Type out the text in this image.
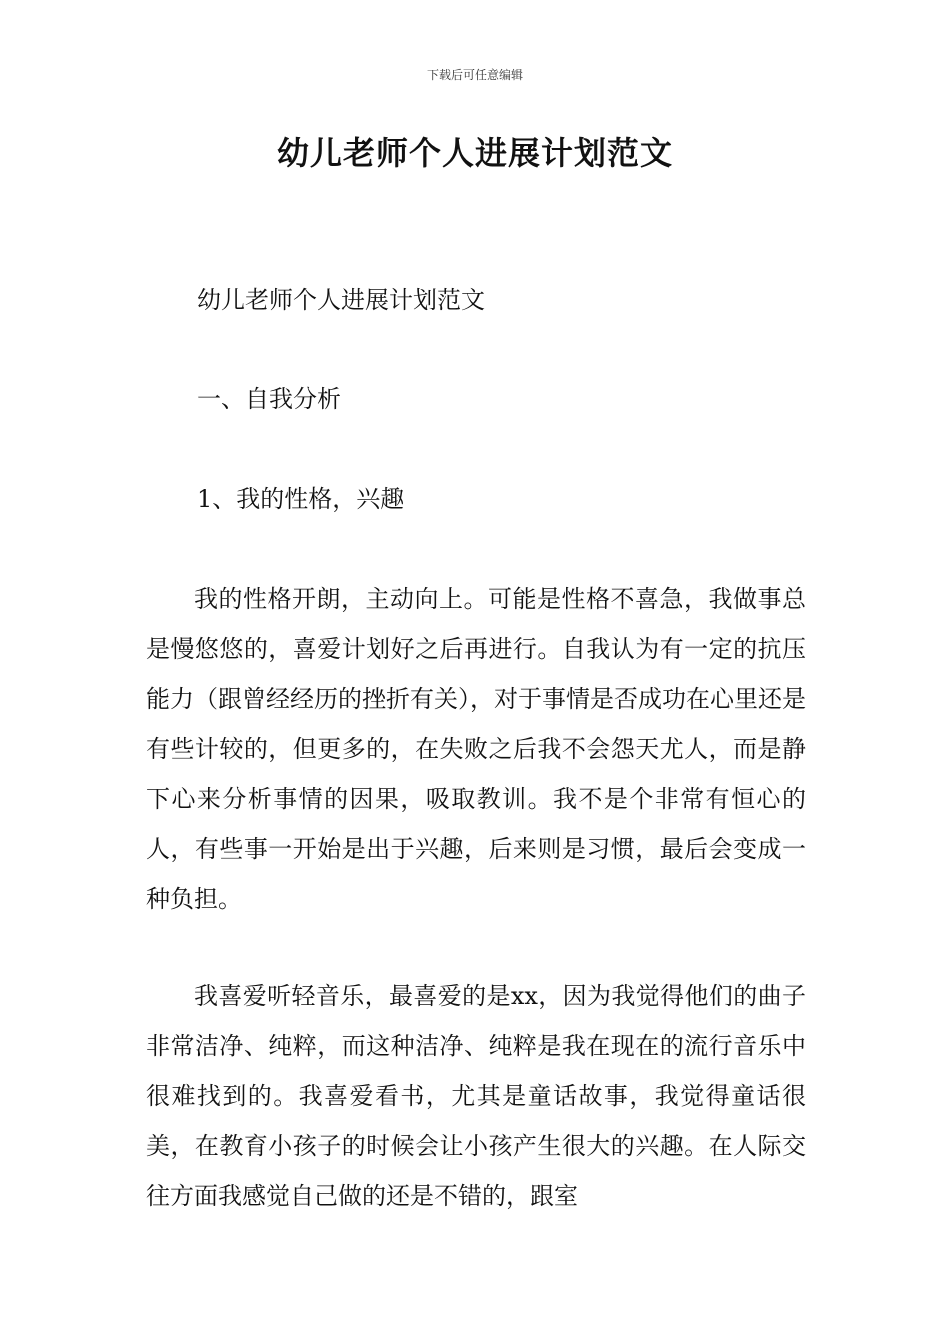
下载后可任意编辑
幼儿老师个人进展计划范文
幼儿老师个人进展计划范文
一、自我分析
1、我的性格，兴趣
我的性格开朗，主动向上。可能是性格不喜急，我做事总是慢悠悠的，喜爱计划好之后再进行。自我认为有一定的抗压能力（跟曾经经历的挫折有关），对于事情是否成功在心里还是有些计较的，但更多的，在失败之后我不会怨天尤人，而是静下心来分析事情的因果，吸取教训。我不是个非常有恒心的人，有些事一开始是出于兴趣，后来则是习惯，最后会变成一种负担。
我喜爱听轻音乐，最喜爱的是xx，因为我觉得他们的曲子非常洁净、纯粹，而这种洁净、纯粹是我在现在的流行音乐中很难找到的。我喜爱看书，尤其是童话故事，我觉得童话很美，在教育小孩子的时候会让小孩产生很大的兴趣。在人际交往方面我感觉自己做的还是不错的，跟室
